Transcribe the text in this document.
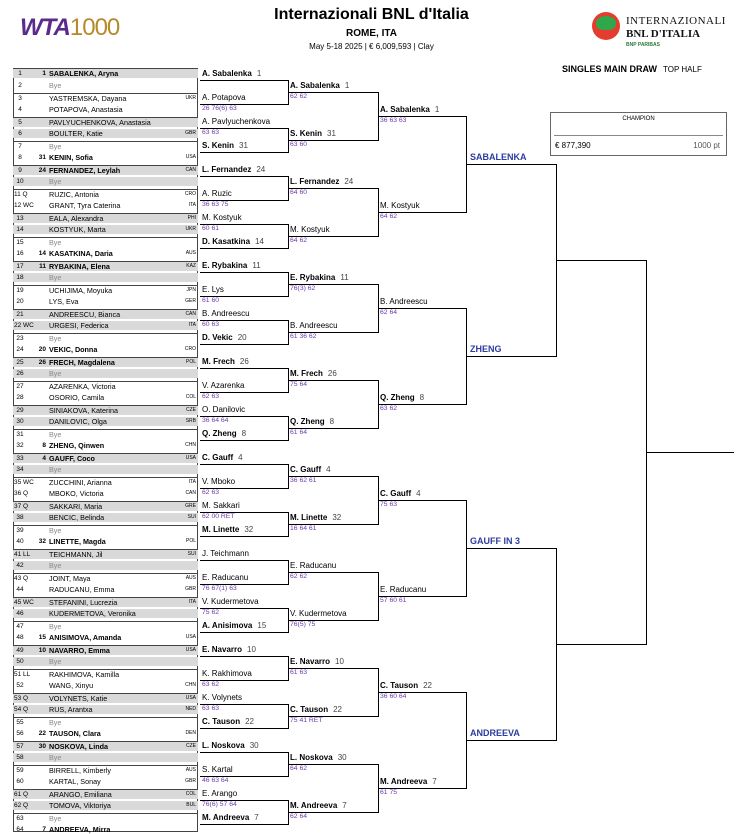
WTA1000	Internazionali BNL d'Italia
ROME, ITA
May 5-18 2025 | € 6,009,593 | Clay
INTERNAZIONALI
BNL D'ITALIA
BNP PARIBAS
SINGLES MAIN DRAW TOP HALF
CHAMPION
€ 877,390	1000 pt
1	1 SABALENKA, Aryna
2	Bye
3	YASTREMSKA, Dayana	UKR
4	POTAPOVA, Anastasia
5	PAVLYUCHENKOVA, Anastasia
6	BOULTER, Katie	GBR
7	Bye
8	31 KENIN, Sofia	USA
9	24 FERNANDEZ, Leylah	CAN
10	Bye
11 Q	RUZIC, Antonia	CRO
12 WC	GRANT, Tyra Caterina	ITA
13	EALA, Alexandra	PHI
14	KOSTYUK, Marta	UKR
15	Bye
16	14 KASATKINA, Daria	AUS
17	11 RYBAKINA, Elena	KAZ
18	Bye
19	UCHIJIMA, Moyuka	JPN
20	LYS, Eva	GER
21	ANDREESCU, Bianca	CAN
22 WC	URGESI, Federica	ITA
23	Bye
24	20 VEKIC, Donna	CRO
25	26 FRECH, Magdalena	POL
26	Bye
27	AZARENKA, Victoria
28	OSORIO, Camila	COL
29	SINIAKOVA, Katerina	CZE
30	DANILOVIC, Olga	SRB
31	Bye
32	8 ZHENG, Qinwen	CHN
33	4 GAUFF, Coco	USA
34	Bye
35 WC	ZUCCHINI, Arianna	ITA
36 Q	MBOKO, Victoria	CAN
37 Q	SAKKARI, Maria	GRE
38	BENCIC, Belinda	SUI
39	Bye
40	32 LINETTE, Magda	POL
41 LL	TEICHMANN, Jil	SUI
42	Bye
43 Q	JOINT, Maya	AUS
44	RADUCANU, Emma	GBR
45 WC	STEFANINI, Lucrezia	ITA
46	KUDERMETOVA, Veronika
47	Bye
48	15 ANISIMOVA, Amanda	USA
49	10 NAVARRO, Emma	USA
50	Bye
51 LL	RAKHIMOVA, Kamilla
52	WANG, Xinyu	CHN
53 Q	VOLYNETS, Katie	USA
54 Q	RUS, Arantxa	NED
55	Bye
56	22 TAUSON, Clara	DEN
57	30 NOSKOVA, Linda	CZE
58	Bye
59	BIRRELL, Kimberly	AUS
60	KARTAL, Sonay	GBR
61 Q	ARANGO, Emiliana	COL
62 Q	TOMOVA, Viktoriya	BUL
63	Bye
64	7 ANDREEVA, Mirra
A. Sabalenka 1
A. Potapova
26 76(6) 63
A. Pavlyuchenkova
63 63
S. Kenin 31
L. Fernandez 24
A. Ruzic
36 63 75
M. Kostyuk
60 61
D. Kasatkina 14
E. Rybakina 11
E. Lys
61 60
B. Andreescu
60 63
D. Vekic 20
M. Frech 26
V. Azarenka
62 63
O. Danilovic
36 64 64
Q. Zheng 8
C. Gauff 4
V. Mboko
62 63
M. Sakkari
62 00 RET
M. Linette 32
J. Teichmann
E. Raducanu
76 67(1) 63
V. Kudermetova
75 62
A. Anisimova 15
E. Navarro 10
K. Rakhimova
63 62
K. Volynets
63 63
C. Tauson 22
L. Noskova 30
S. Kartal
46 63 64
E. Arango
76(6) 57 64
M. Andreeva 7
A. Sabalenka 1
62 62
S. Kenin 31
63 60
L. Fernandez 24
64 60
M. Kostyuk
64 62
E. Rybakina 11
76(3) 62
B. Andreescu
61 36 62
M. Frech 26
75 64
Q. Zheng 8
61 64
C. Gauff 4
36 62 61
M. Linette 32
16 64 61
E. Raducanu
62 62
V. Kudermetova
76(5) 75
E. Navarro 10
61 63
C. Tauson 22
75 41 RET
L. Noskova 30
64 62
M. Andreeva 7
62 64
A. Sabalenka 1
36 63 63
M. Kostyuk
64 62
B. Andreescu
62 64
Q. Zheng 8
63 62
C. Gauff 4
75 63
E. Raducanu
57 60 61
C. Tauson 22
36 60 64
M. Andreeva 7
61 75
SABALENKA
ZHENG
GAUFF IN 3
ANDREEVA
